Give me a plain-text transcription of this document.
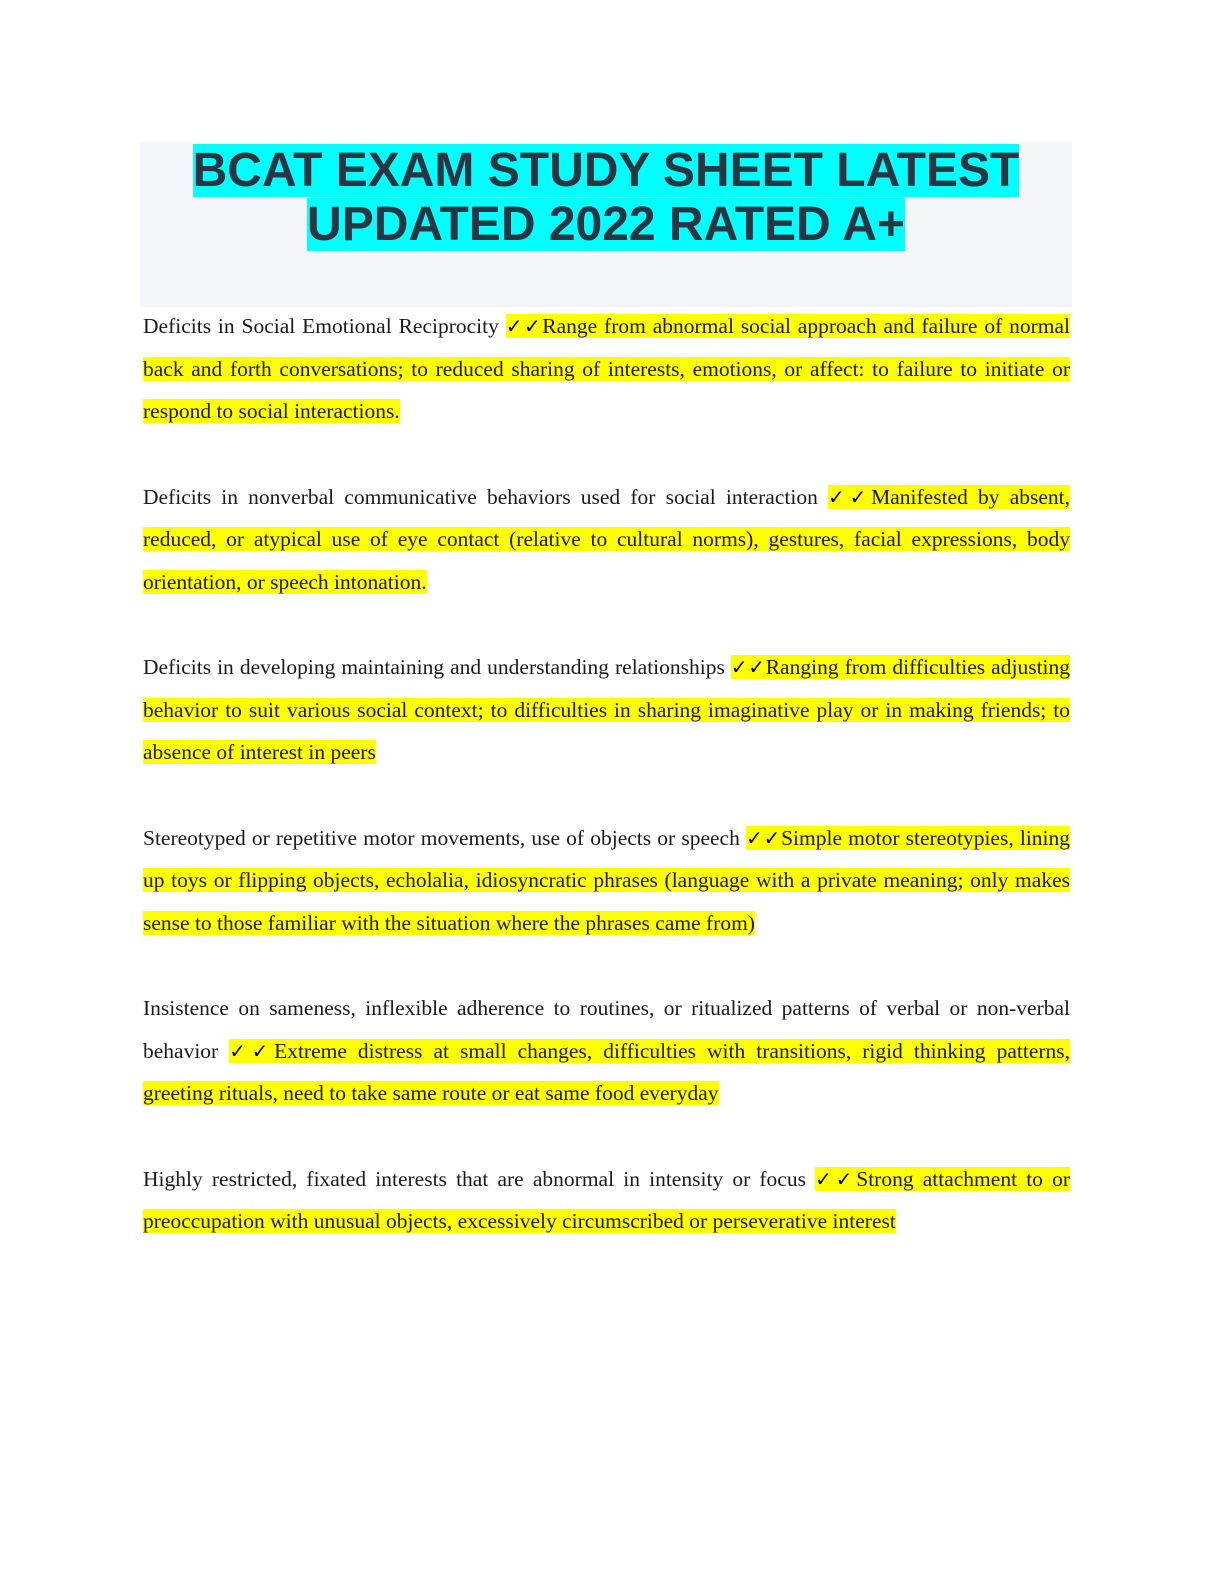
BCAT EXAM STUDY SHEET LATEST
UPDATED 2022 RATED A+

Deficits in Social Emotional Reciprocity ✓✓Range from abnormal social approach and failure of normal back and forth conversations; to reduced sharing of interests, emotions, or affect: to failure to initiate or respond to social interactions.

Deficits in nonverbal communicative behaviors used for social interaction ✓✓Manifested by absent, reduced, or atypical use of eye contact (relative to cultural norms), gestures, facial expressions, body orientation, or speech intonation.

Deficits in developing maintaining and understanding relationships ✓✓Ranging from difficulties adjusting behavior to suit various social context; to difficulties in sharing imaginative play or in making friends; to absence of interest in peers

Stereotyped or repetitive motor movements, use of objects or speech ✓✓Simple motor stereotypies, lining up toys or flipping objects, echolalia, idiosyncratic phrases (language with a private meaning; only makes sense to those familiar with the situation where the phrases came from)

Insistence on sameness, inflexible adherence to routines, or ritualized patterns of verbal or non-verbal behavior ✓✓Extreme distress at small changes, difficulties with transitions, rigid thinking patterns, greeting rituals, need to take same route or eat same food everyday

Highly restricted, fixated interests that are abnormal in intensity or focus ✓✓Strong attachment to or preoccupation with unusual objects, excessively circumscribed or perseverative interest
